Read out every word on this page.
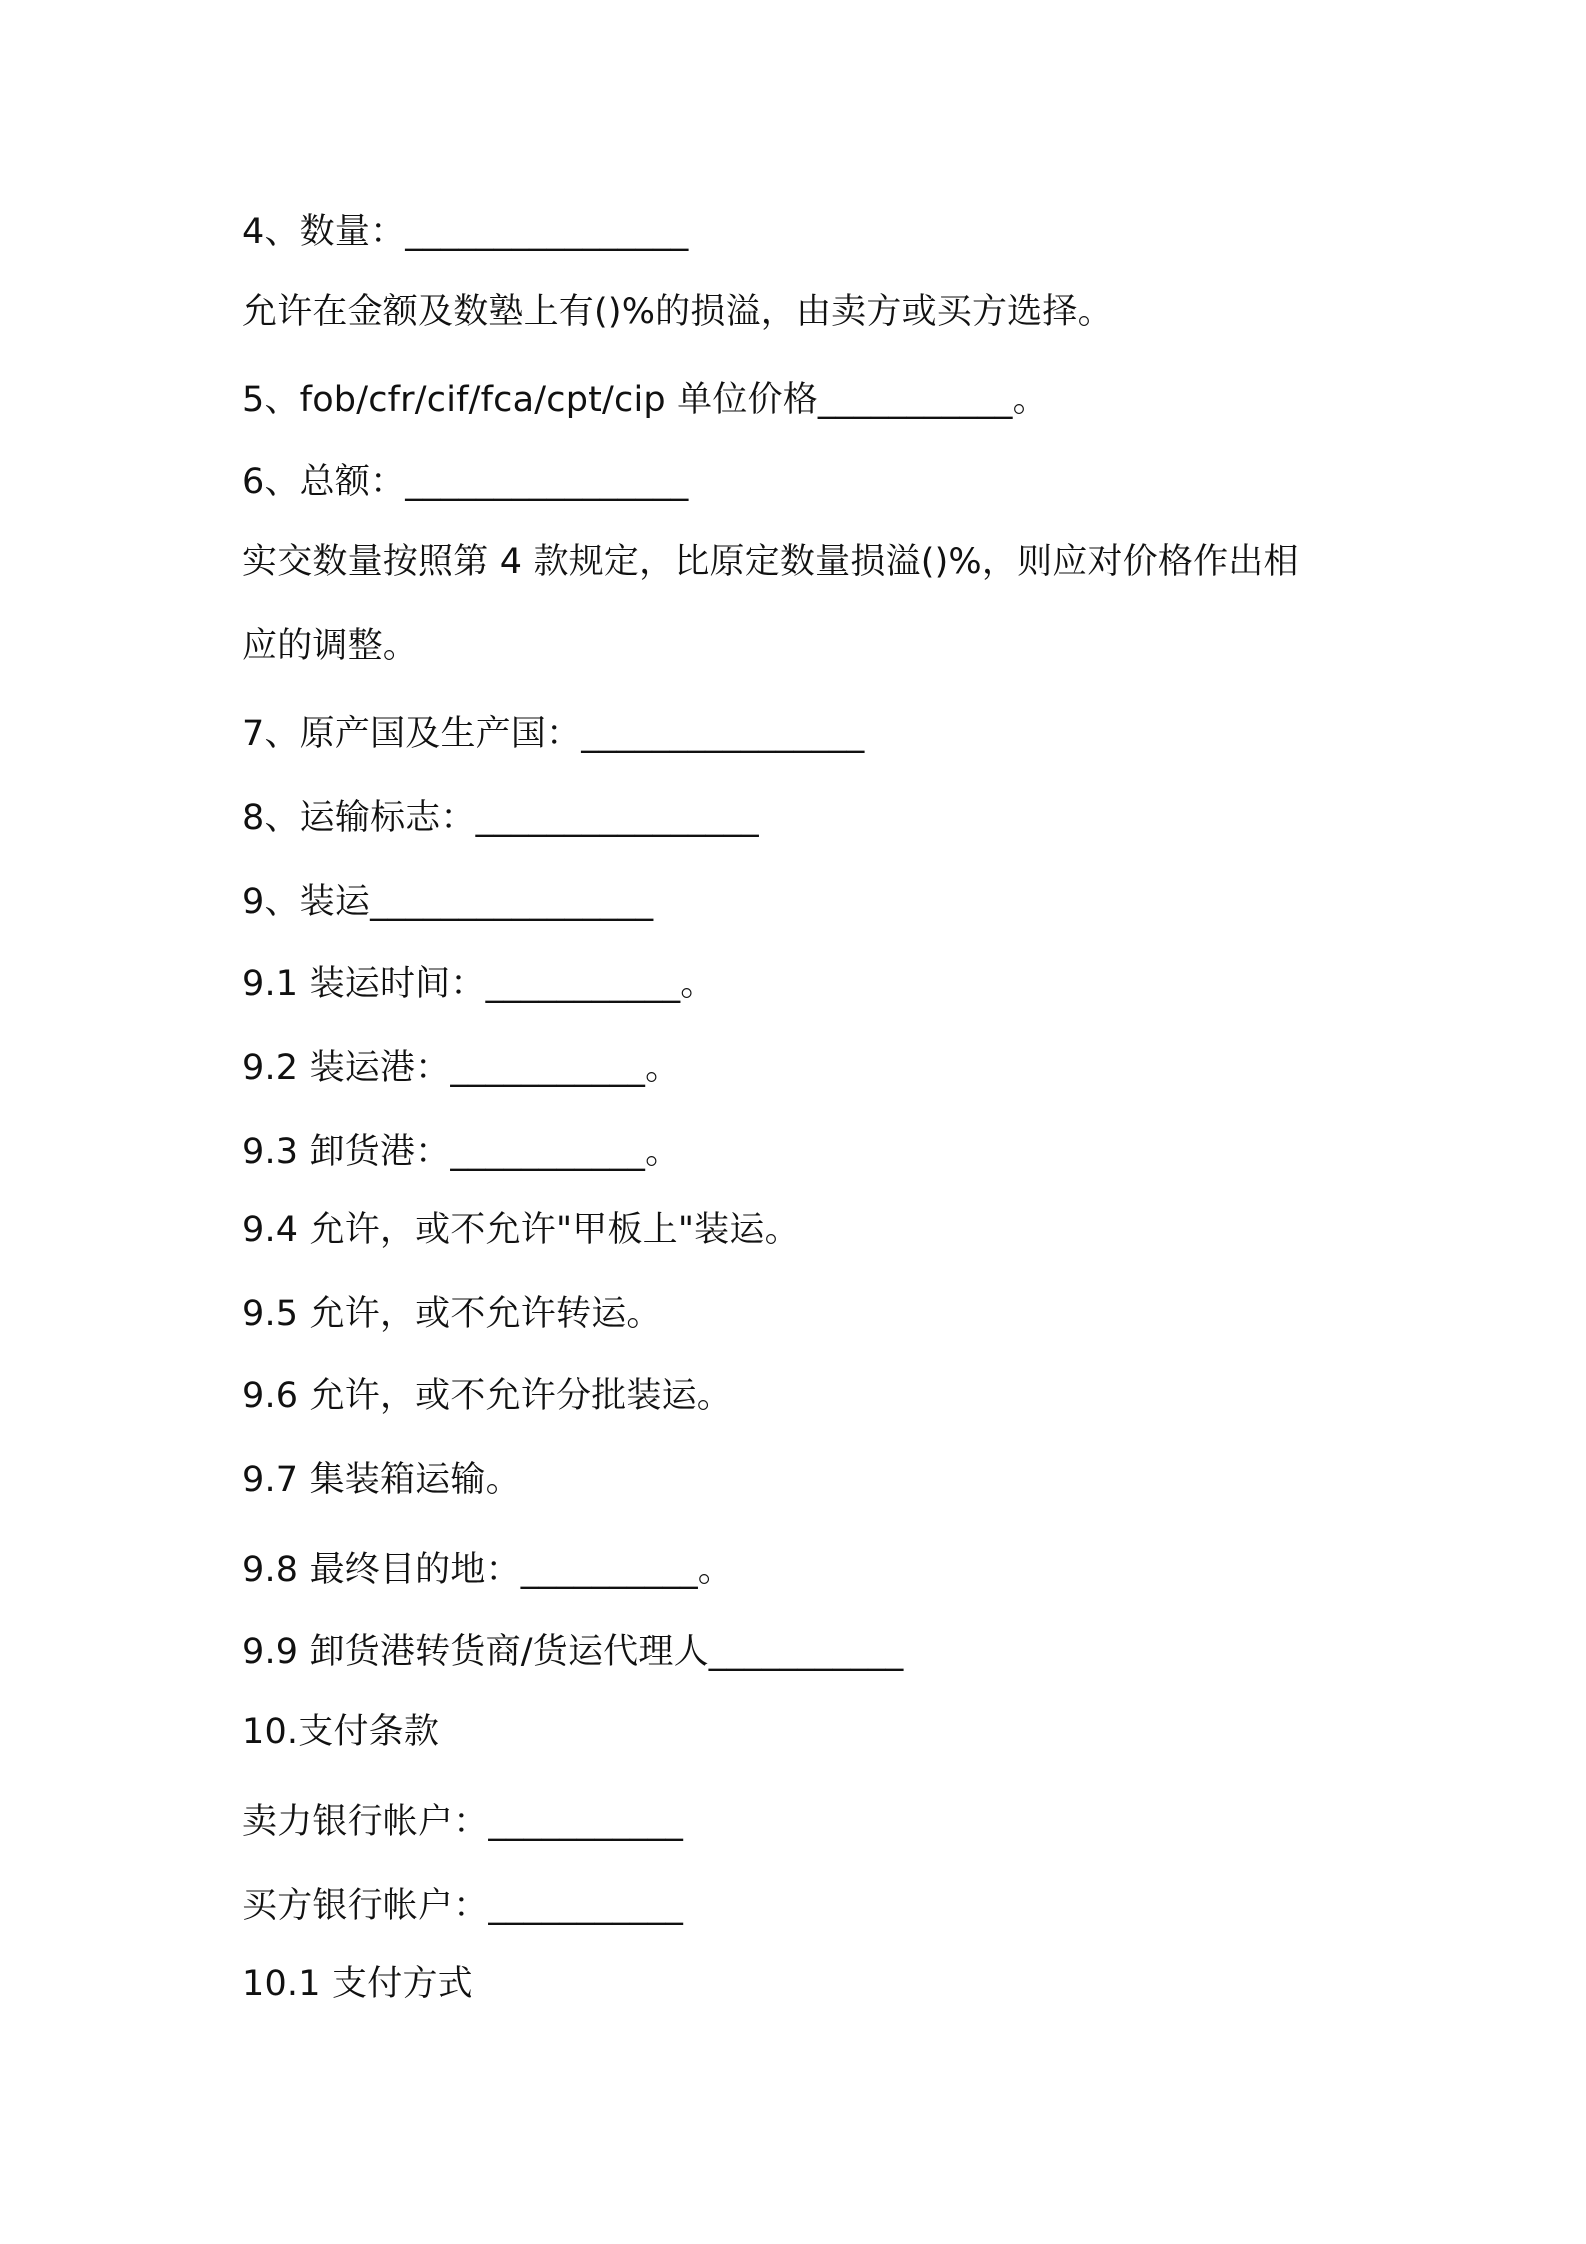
4、数量：________________
允许在金额及数塾上有()%的损溢，由卖方或买方选择。
5、fob/cfr/cif/fca/cpt/cip 单位价格___________。
6、总额：________________
实交数量按照第 4 款规定，比原定数量损溢()%，则应对价格作出相
应的调整。
7、原产国及生产国：________________
8、运输标志：________________
9、装运________________
9.1 装运时间：___________。
9.2 装运港：___________。
9.3 卸货港：___________。
9.4 允许，或不允许"甲板上"装运。
9.5 允许，或不允许转运。
9.6 允许，或不允许分批装运。
9.7 集装箱运输。
9.8 最终目的地：__________。
9.9 卸货港转货商/货运代理人___________
10.支付条款
卖力银行帐户：___________
买方银行帐户：___________
10.1 支付方式
